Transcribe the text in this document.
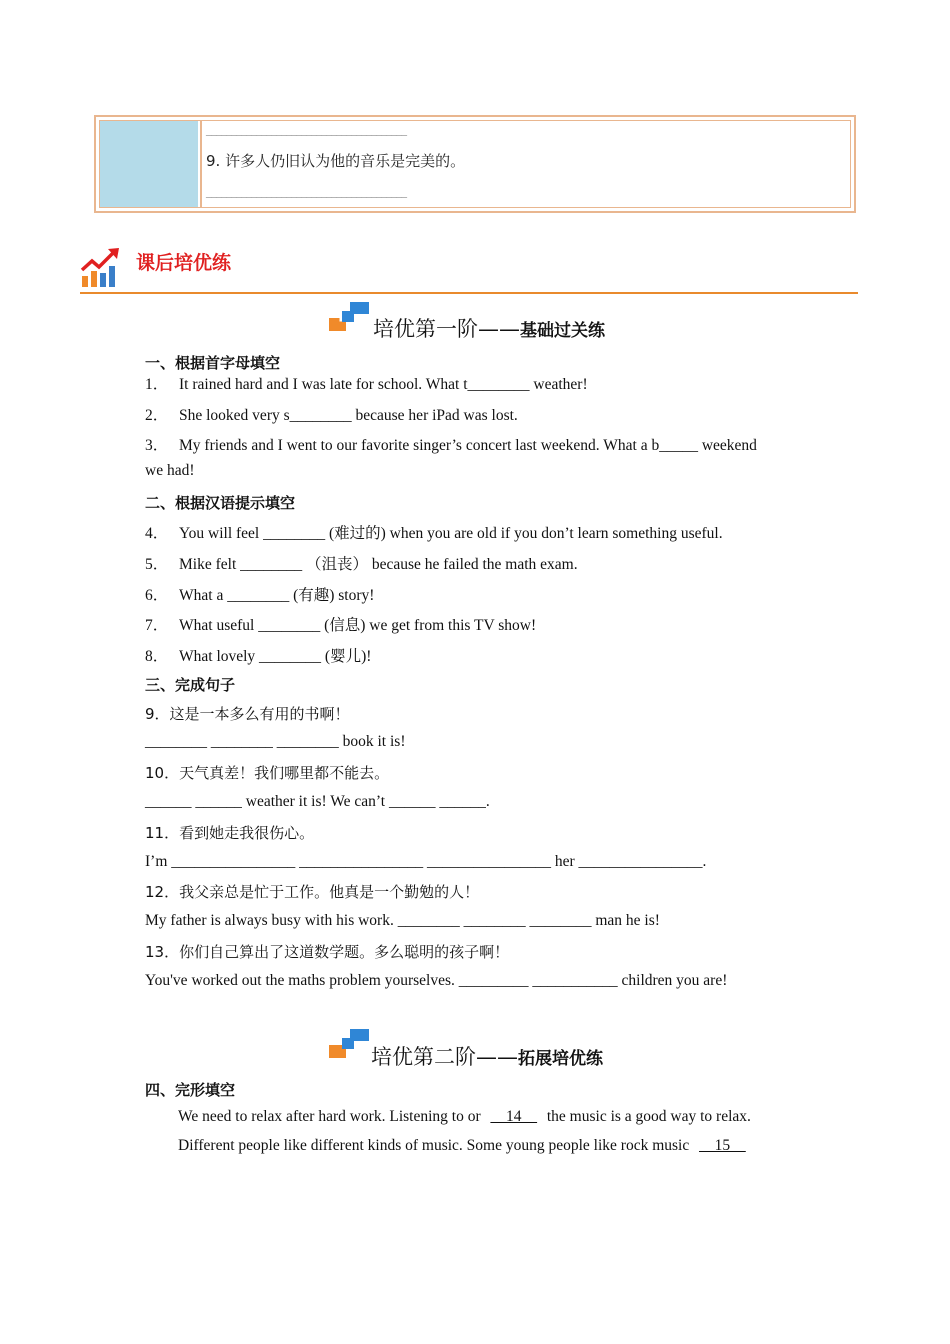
________________________________________
9. 许多人仍旧认为他的音乐是完美的。
________________________________________
课后培优练
培优第一阶——基础过关练
一、根据首字母填空
1． It rained hard and I was late for school. What t________ weather!
2． She looked very s________ because her iPad was lost.
3． My friends and I went to our favorite singer’s concert last weekend. What a b_____ weekend
we had!
二、根据汉语提示填空
4． You will feel ________ (难过的) when you are old if you don’t learn something useful.
5． Mike felt ________ （沮丧） because he failed the math exam.
6． What a ________ (有趣) story!
7． What useful ________ (信息) we get from this TV show!
8． What lovely ________ (婴儿)!
三、完成句子
9．这是一本多么有用的书啊！
________ ________ ________ book it is!
10．天气真差！我们哪里都不能去。
______ ______ weather it is! We can’t ______ ______.
11．看到她走我很伤心。
I’m ________________ ________________ ________________ her ________________.
12．我父亲总是忙于工作。他真是一个勤勉的人！
My father is always busy with his work. ________ ________ ________ man he is!
13．你们自己算出了这道数学题。多么聪明的孩子啊！
You've worked out the maths problem yourselves. _________ ___________ children you are!
培优第二阶——拓展培优练
四、完形填空
We need to relax after hard work. Listening to or __14__ the music is a good way to relax.
Different people like different kinds of music. Some young people like rock music __15__
